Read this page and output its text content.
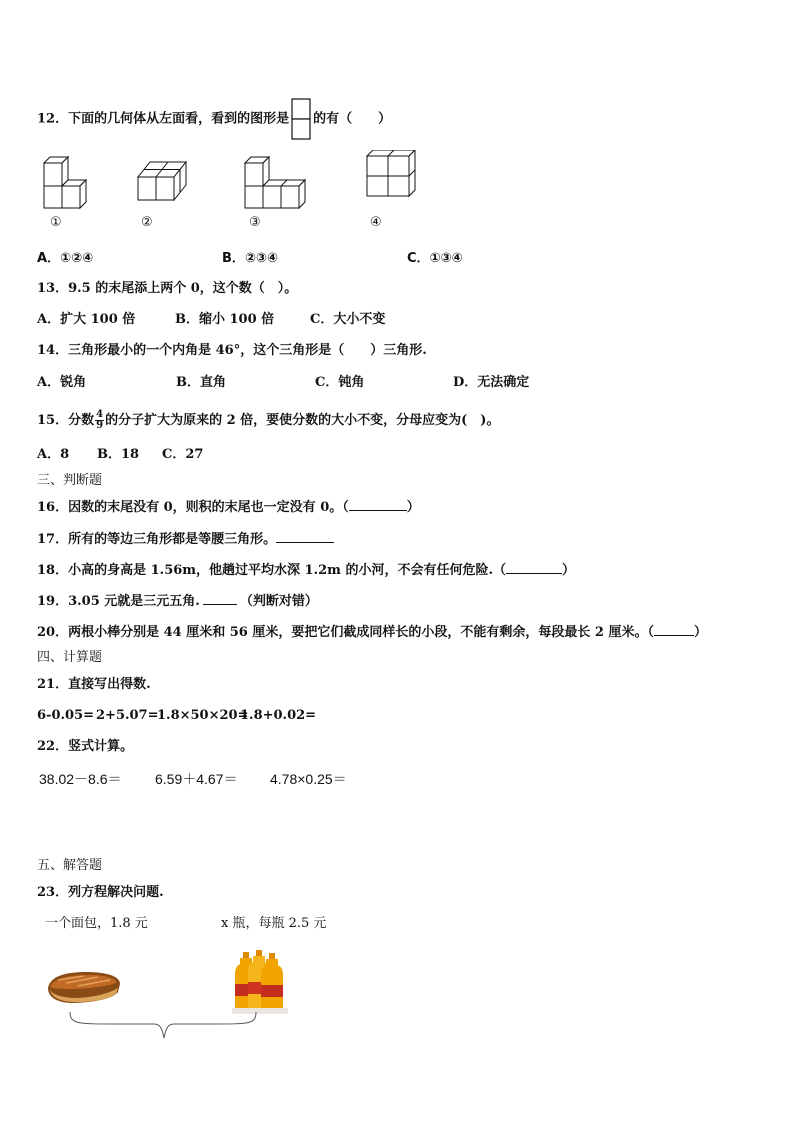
12．下面的几何体从左面看，看到的图形是 的有（　　）
①	②	③	④
A．①②④	B．②③④	C．①③④
13．9.5 的末尾添上两个 0，这个数（　）。
A．扩大 100 倍	B．缩小 100 倍	C．大小不变
14．三角形最小的一个内角是 46°，这个三角形是（　　）三角形.
A．锐角	B．直角	C．钝角	D．无法确定
15．分数 $\frac{4}{9}$ 的分子扩大为原来的 2 倍，要使分数的大小不变，分母应变为(　)。
A．8 B．18 C．27
三、判断题
16．因数的末尾没有 0，则积的末尾也一定没有 0。（	）
17．所有的等边三角形都是等腰三角形。
18．小高的身高是 1.56m，他趟过平均水深 1.2m 的小河，不会有任何危险.（	）
19．3.05 元就是三元五角.	（判断对错）
20．两根小棒分别是 44 厘米和 56 厘米，要把它们截成同样长的小段，不能有剩余，每段最长 2 厘米。（	）
四、计算题
21．直接写出得数.
6-0.05= 2+5.07=
1.8×50×20=
1.8+0.02=
22．竖式计算。
38.02－8.6＝ 6.59＋4.67＝ 4.78×0.25＝
五、解答题
23．列方程解决问题.
一个面包，1.8 元	x 瓶，每瓶 2.5 元
